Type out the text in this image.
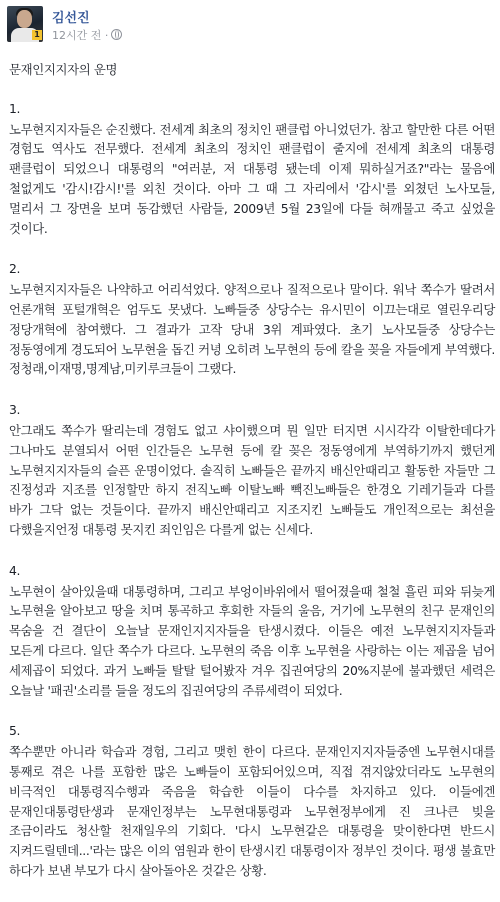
1
김선진
12시간 전 ·

문재인지지자의 운명

1.

노무현지지자들은 순진했다. 전세계 최초의 정치인 팬클럽 아니었던가. 참고 할만한 다른 어떤 경험도 역사도 전무했다. 전세계 최초의 정치인 팬클럽이 줄지에 전세계 최초의 대통령 팬클럽이 되었으니 대통령의 "여러분, 저 대통령 됐는데 이제 뭐하실거죠?"라는 물음에 철없게도 '감시!감시!'를 외친 것이다. 아마 그 때 그 자리에서 '감시'를 외쳤던 노사모들, 멀리서 그 장면을 보며 동감했던 사람들, 2009년 5월 23일에 다들 혀깨물고 죽고 싶었을 것이다.

2.

노무현지지자들은 나약하고 어리석었다. 양적으로나 질적으로나 말이다. 워낙 쪽수가 딸려서 언론개혁 포털개혁은 엄두도 못냈다. 노빠들중 상당수는 유시민이 이끄는대로 열린우리당 정당개혁에 참여했다. 그 결과가 고작 당내 3위 계파였다. 초기 노사모들중 상당수는 정동영에게 경도되어 노무현을 돕긴 커녕 오히려 노무현의 등에 칼을 꽂을 자들에게 부역했다. 정청래,이재명,명계남,미키루크들이 그랬다.

3.

안그래도 쪽수가 딸리는데 경험도 없고 샤이했으며 뭔 일만 터지면 시시각각 이탈한데다가 그나마도 분열되서 어떤 인간들은 노무현 등에 칼 꽂은 정동영에게 부역하기까지 했던게 노무현지지자들의 슬픈 운명이었다. 솔직히 노빠들은 끝까지 배신안때리고 활동한 자들만 그 진정성과 지조를 인정할만 하지 전직노빠 이탈노빠 빽진노빠들은 한경오 기레기들과 다를 바가 그닥 없는 것들이다. 끝까지 배신안때리고 지조지킨 노빠들도 개인적으로는 최선을 다했을지언정 대통령 못지킨 죄인임은 다를게 없는 신세다.

4.

노무현이 살아있을때 대통령하며, 그리고 부엉이바위에서 떨어졌을때 철철 흘린 피와 뒤늦게 노무현을 알아보고 땅을 치며 통곡하고 후회한 자들의 울음, 거기에 노무현의 친구 문재인의 목숨을 건 결단이 오늘날 문재인지지자들을 탄생시켰다. 이들은 예전 노무현지지자들과 모든게 다르다. 일단 쪽수가 다르다. 노무현의 죽음 이후 노무현을 사랑하는 이는 제곱을 넘어 세제곱이 되었다. 과거 노빠들 탈탈 털어봤자 겨우 집권여당의 20%지분에 불과했던 세력은 오늘날 '패권'소리를 들을 정도의 집권여당의 주류세력이 되었다.

5.

쪽수뿐만 아니라 학습과 경험, 그리고 맺힌 한이 다르다. 문재인지지자들중엔 노무현시대를 통째로 겪은 나를 포함한 많은 노빠들이 포함되어있으며, 직접 겪지않았더라도 노무현의 비극적인 대통령직수행과 죽음을 학습한 이들이 다수를 차지하고 있다. 이들에겐 문재인대통령탄생과 문재인정부는 노무현대통령과 노무현정부에게 진 크나큰 빚을 조금이라도 청산할 천재일우의 기회다. '다시 노무현같은 대통령을 맞이한다면 반드시 지켜드릴텐데...'라는 많은 이의 염원과 한이 탄생시킨 대통령이자 정부인 것이다. 평생 불효만 하다가 보낸 부모가 다시 살아돌아온 것같은 상황.
